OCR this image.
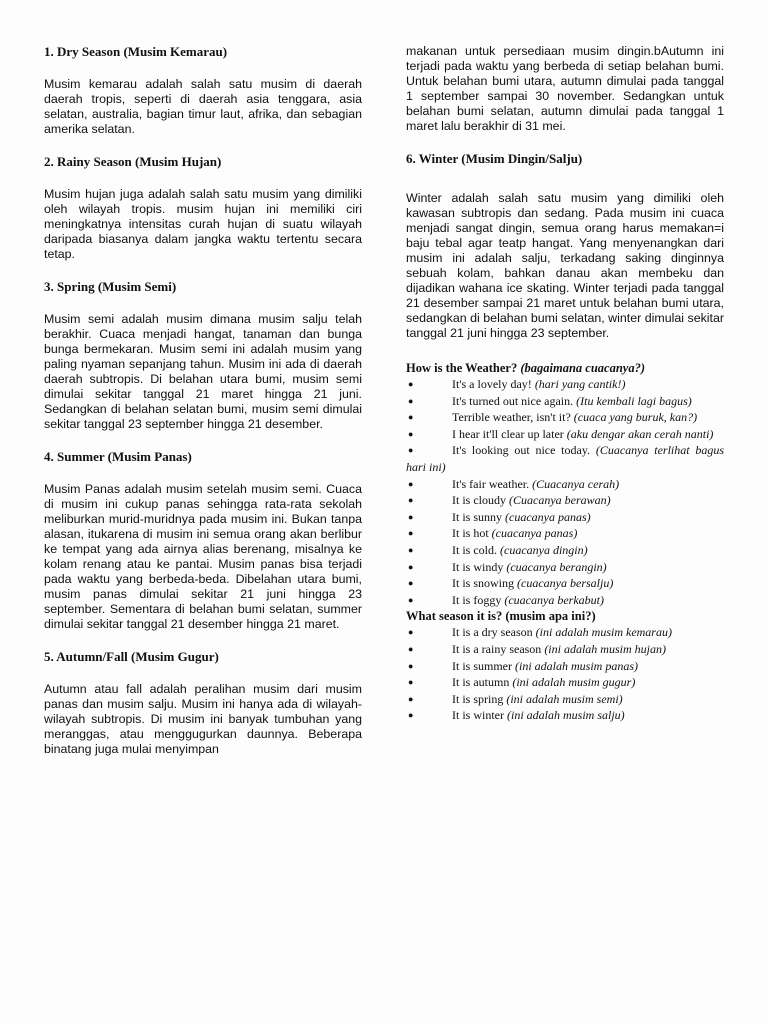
1. Dry Season (Musim Kemarau)

Musim kemarau adalah salah satu musim di daerah daerah tropis, seperti di daerah asia tenggara, asia selatan, australia, bagian timur laut, afrika, dan sebagian amerika selatan.

2. Rainy Season (Musim Hujan)

Musim hujan juga adalah salah satu musim yang dimiliki oleh wilayah tropis. musim hujan ini memiliki ciri meningkatnya intensitas curah hujan di suatu wilayah daripada biasanya dalam jangka waktu tertentu secara tetap.

3. Spring (Musim Semi)

Musim semi adalah musim dimana musim salju telah berakhir. Cuaca menjadi hangat, tanaman dan bunga bunga bermekaran. Musim semi ini adalah musim yang paling nyaman sepanjang tahun. Musim ini ada di daerah daerah subtropis. Di belahan utara bumi, musim semi dimulai sekitar tanggal 21 maret hingga 21 juni. Sedangkan di belahan selatan bumi, musim semi dimulai sekitar tanggal 23 september hingga 21 desember.

4. Summer (Musim Panas)

Musim Panas adalah musim setelah musim semi. Cuaca di musim ini cukup panas sehingga rata-rata sekolah meliburkan murid-muridnya pada musim ini. Bukan tanpa alasan, itukarena di musim ini semua orang akan berlibur ke tempat yang ada airnya alias berenang, misalnya ke kolam renang atau ke pantai. Musim panas bisa terjadi pada waktu yang berbeda-beda. Dibelahan utara bumi, musim panas dimulai sekitar 21 juni hingga 23 september. Sementara di belahan bumi selatan, summer dimulai sekitar tanggal 21 desember hingga 21 maret.

5. Autumn/Fall (Musim Gugur)

Autumn atau fall adalah peralihan musim dari musim panas dan musim salju. Musim ini hanya ada di wilayah-wilayah subtropis. Di musim ini banyak tumbuhan yang meranggas, atau menggugurkan daunnya. Beberapa binatang juga mulai menyimpan

makanan untuk persediaan musim dingin.bAutumn ini terjadi pada waktu yang berbeda di setiap belahan bumi. Untuk belahan bumi utara, autumn dimulai pada tanggal 1 september sampai 30 november. Sedangkan untuk belahan bumi selatan, autumn dimulai pada tanggal 1 maret lalu berakhir di 31 mei.

6. Winter (Musim Dingin/Salju)

Winter adalah salah satu musim yang dimiliki oleh kawasan subtropis dan sedang. Pada musim ini cuaca menjadi sangat dingin, semua orang harus memakan=i baju tebal agar teatp hangat. Yang menyenangkan dari musim ini adalah salju, terkadang saking dinginnya sebuah kolam, bahkan danau akan membeku dan dijadikan wahana ice skating. Winter terjadi pada tanggal 21 desember sampai 21 maret untuk belahan bumi utara, sedangkan di belahan bumi selatan, winter dimulai sekitar tanggal 21 juni hingga 23 september.

How is the Weather? (bagaimana cuacanya?)

● It's a lovely day! (hari yang cantik!)
● It's turned out nice again. (Itu kembali lagi bagus)
● Terrible weather, isn't it? (cuaca yang buruk, kan?)
● I hear it'll clear up later (aku dengar akan cerah nanti)
● It's looking out nice today. (Cuacanya terlihat bagus hari ini)
● It's fair weather. (Cuacanya cerah)
● It is cloudy (Cuacanya berawan)
● It is sunny (cuacanya panas)
● It is hot (cuacanya panas)
● It is cold. (cuacanya dingin)
● It is windy (cuacanya berangin)
● It is snowing (cuacanya bersalju)
● It is foggy (cuacanya berkabut)

What season it is? (musim apa ini?)

● It is a dry season (ini adalah musim kemarau)
● It is a rainy season (ini adalah musim hujan)
● It is summer (ini adalah musim panas)
● It is autumn (ini adalah musim gugur)
● It is spring (ini adalah musim semi)
● It is winter (ini adalah musim salju)
